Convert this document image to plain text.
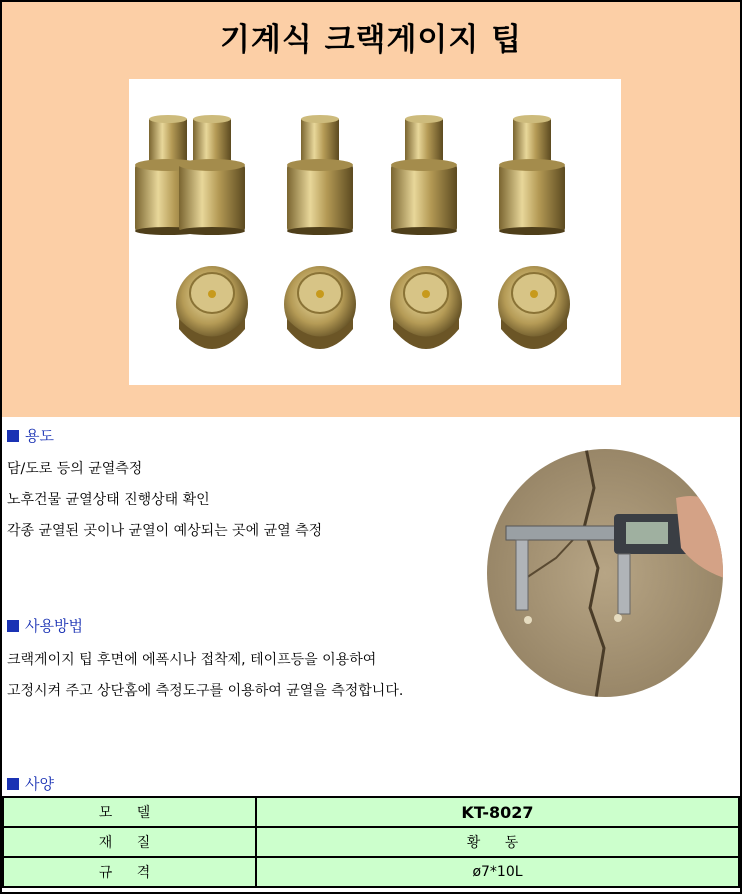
기계식 크랙게이지 팁
용도
담/도로 등의 균열측정
노후건물 균열상태 진행상태 확인
각종 균열된 곳이나 균열이 예상되는 곳에 균열 측정
사용방법
크랙게이지 팁 후면에 에폭시나 접착제, 테이프등을 이용하여
고정시켜 주고 상단홈에 측정도구를 이용하여 균열을 측정합니다.
사양
모 델	KT-8027
재 질	황 동
규 격	ø7*10L
